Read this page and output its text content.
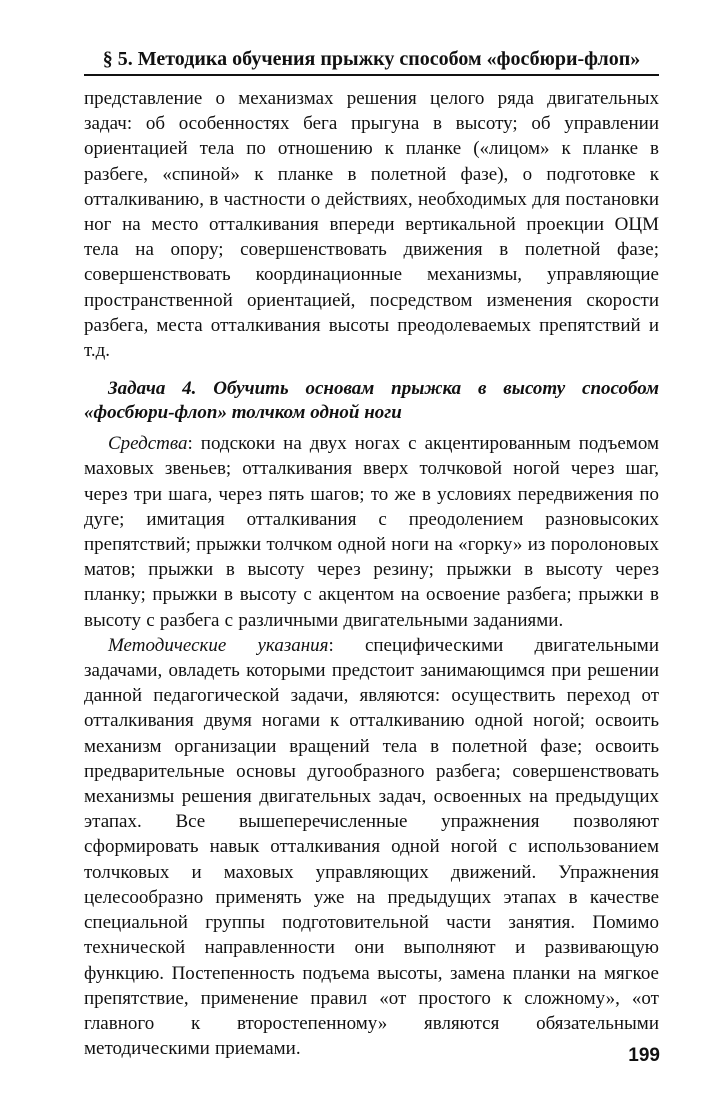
§ 5. Методика обучения прыжку способом «фосбюри-флоп»

представление о механизмах решения целого ряда двигательных задач: об особенностях бега прыгуна в высоту; об управлении ориентацией тела по отношению к планке («лицом» к планке в разбеге, «спиной» к планке в полетной фазе), о подготовке к отталкиванию, в частности о действиях, необходимых для постановки ног на место отталкивания впереди вертикальной проекции ОЦМ тела на опору; совершенствовать движения в полетной фазе; совершенствовать координационные механизмы, управляющие пространственной ориентацией, посредством изменения скорости разбега, места отталкивания высоты преодолеваемых препятствий и т.д.

Задача 4. Обучить основам прыжка в высоту способом «фосбюри-флоп» толчком одной ноги

Средства: подскоки на двух ногах с акцентированным подъемом маховых звеньев; отталкивания вверх толчковой ногой через шаг, через три шага, через пять шагов; то же в условиях передвижения по дуге; имитация отталкивания с преодолением разновысоких препятствий; прыжки толчком одной ноги на «горку» из поролоновых матов; прыжки в высоту через резину; прыжки в высоту через планку; прыжки в высоту с акцентом на освоение разбега; прыжки в высоту с разбега с различными двигательными заданиями.

Методические указания: специфическими двигательными задачами, овладеть которыми предстоит занимающимся при решении данной педагогической задачи, являются: осуществить переход от отталкивания двумя ногами к отталкиванию одной ногой; освоить механизм организации вращений тела в полетной фазе; освоить предварительные основы дугообразного разбега; совершенствовать механизмы решения двигательных задач, освоенных на предыдущих этапах. Все вышеперечисленные упражнения позволяют сформировать навык отталкивания одной ногой с использованием толчковых и маховых управляющих движений. Упражнения целесообразно применять уже на предыдущих этапах в качестве специальной группы подготовительной части занятия. Помимо технической направленности они выполняют и развивающую функцию. Постепенность подъема высоты, замена планки на мягкое препятствие, применение правил «от простого к сложному», «от главного к второстепенному» являются обязательными методическими приемами.	199
